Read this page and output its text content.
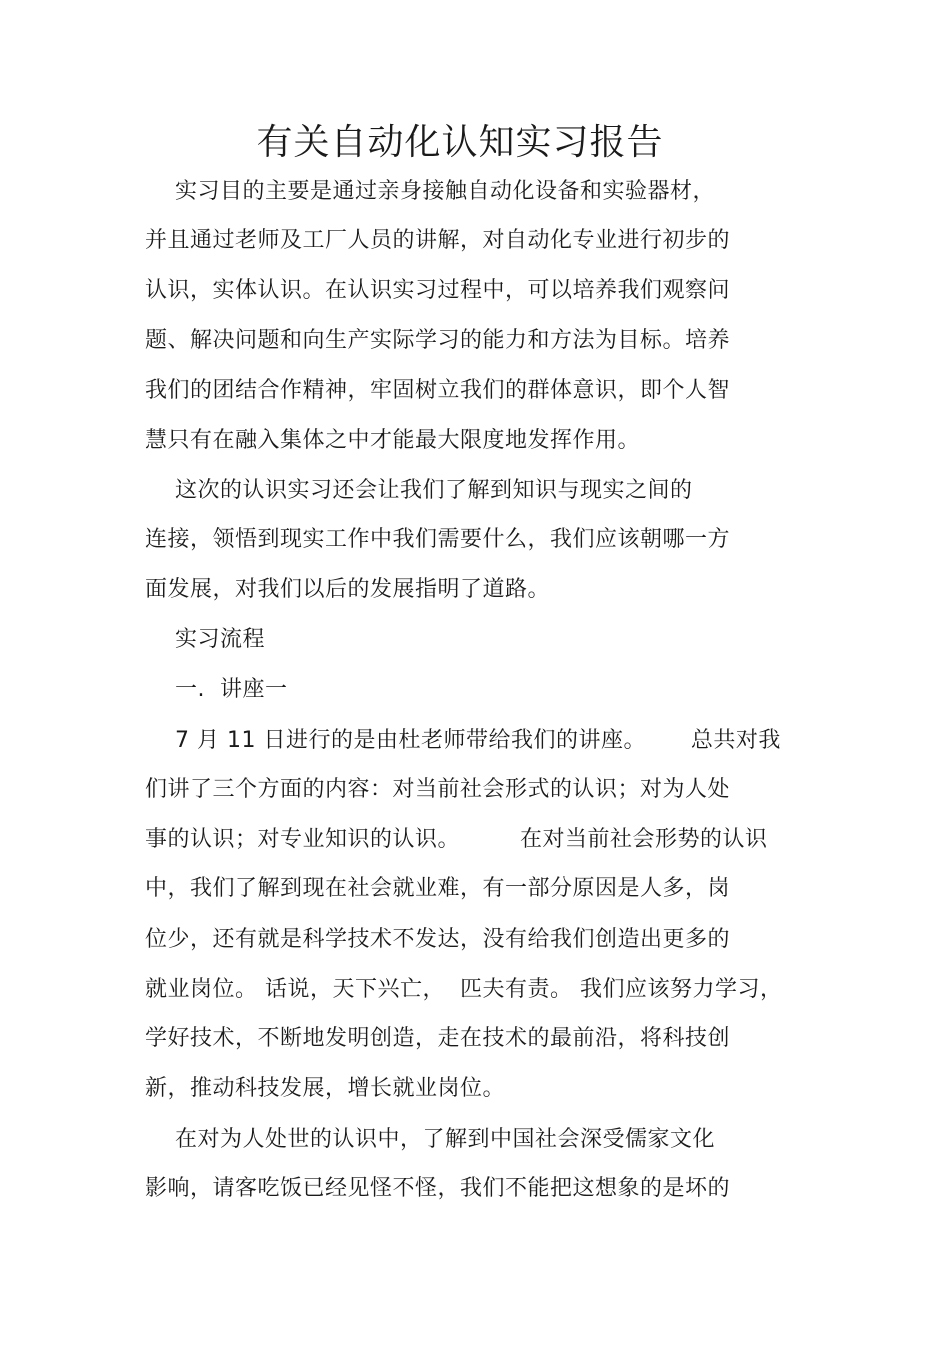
有关自动化认知实习报告
实习目的主要是通过亲身接触自动化设备和实验器材，
并且通过老师及工厂人员的讲解，对自动化专业进行初步的
认识，实体认识。在认识实习过程中，可以培养我们观察问
题、解决问题和向生产实际学习的能力和方法为目标。培养
我们的团结合作精神，牢固树立我们的群体意识，即个人智
慧只有在融入集体之中才能最大限度地发挥作用。
这次的认识实习还会让我们了解到知识与现实之间的
连接，领悟到现实工作中我们需要什么，我们应该朝哪一方
面发展，对我们以后的发展指明了道路。
实习流程
一.  讲座一
7 月 11 日进行的是由杜老师带给我们的讲座。      总共对我
们讲了三个方面的内容：对当前社会形式的认识；对为人处
事的认识；对专业知识的认识。        在对当前社会形势的认识
中，我们了解到现在社会就业难，有一部分原因是人多，岗
位少，还有就是科学技术不发达，没有给我们创造出更多的
就业岗位。 话说，天下兴亡，  匹夫有责。 我们应该努力学习，
学好技术，不断地发明创造，走在技术的最前沿，将科技创
新，推动科技发展，增长就业岗位。
在对为人处世的认识中，了解到中国社会深受儒家文化
影响，请客吃饭已经见怪不怪，我们不能把这想象的是坏的
